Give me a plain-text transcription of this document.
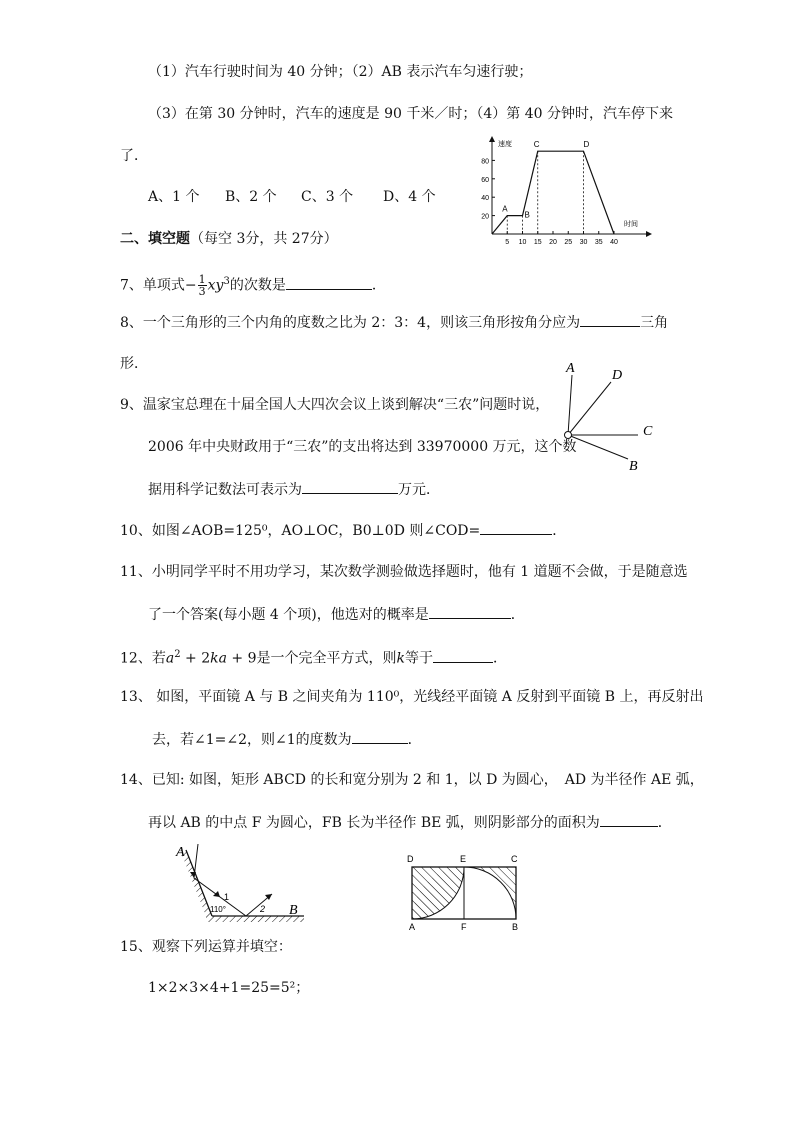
（1）汽车行驶时间为 40 分钟；（2）AB 表示汽车匀速行驶；
（3）在第 30 分钟时，汽车的速度是 90 千米／时；（4）第 40 分钟时，汽车停下来
了．
A、1 个 B、2 个 C、3 个 D、4 个
20
40
60
80
5 10 15 20 25 30 35 40
速度
时间
A
B
C	D
二、填空题（每空 3分，共 27分）
7、单项式− $\frac{1}{3} xy^3$的次数是	．
8、一个三角形的三个内角的度数之比为 2：3：4，则该三角形按角分应为	三角
形．	A	D
C
B
9、温家宝总理在十届全国人大四次会议上谈到解决“三农”问题时说，
2006 年中央财政用于“三农”的支出将达到 33970000 万元，这个数
据用科学记数法可表示为	万元．
10、如图∠AOB=125⁰，AO⊥OC，B0⊥0D 则∠COD=	．
11、小明同学平时不用功学习，某次数学测验做选择题时，他有 1 道题不会做，于是随意选
了一个答案(每小题 4 个项)，他选对的概率是	．
12、若$a^2 + 2ka + 9$是一个完全平方式，则k等于	．
13、 如图，平面镜 A 与 B 之间夹角为 110⁰，光线经平面镜 A 反射到平面镜 B 上，再反射出
去，若∠1=∠2，则∠1的度数为	．
14、已知: 如图，矩形 ABCD 的长和宽分别为 2 和 1，以 D 为圆心，　AD 为半径作 AE 弧，
再以 AB 的中点 F 为圆心，FB 长为半径作 BE 弧，则阴影部分的面积为	．
A
B
1
2
110°
D	E	C
A	F	B
15、观察下列运算并填空：
1×2×3×4+1=25=5²；
